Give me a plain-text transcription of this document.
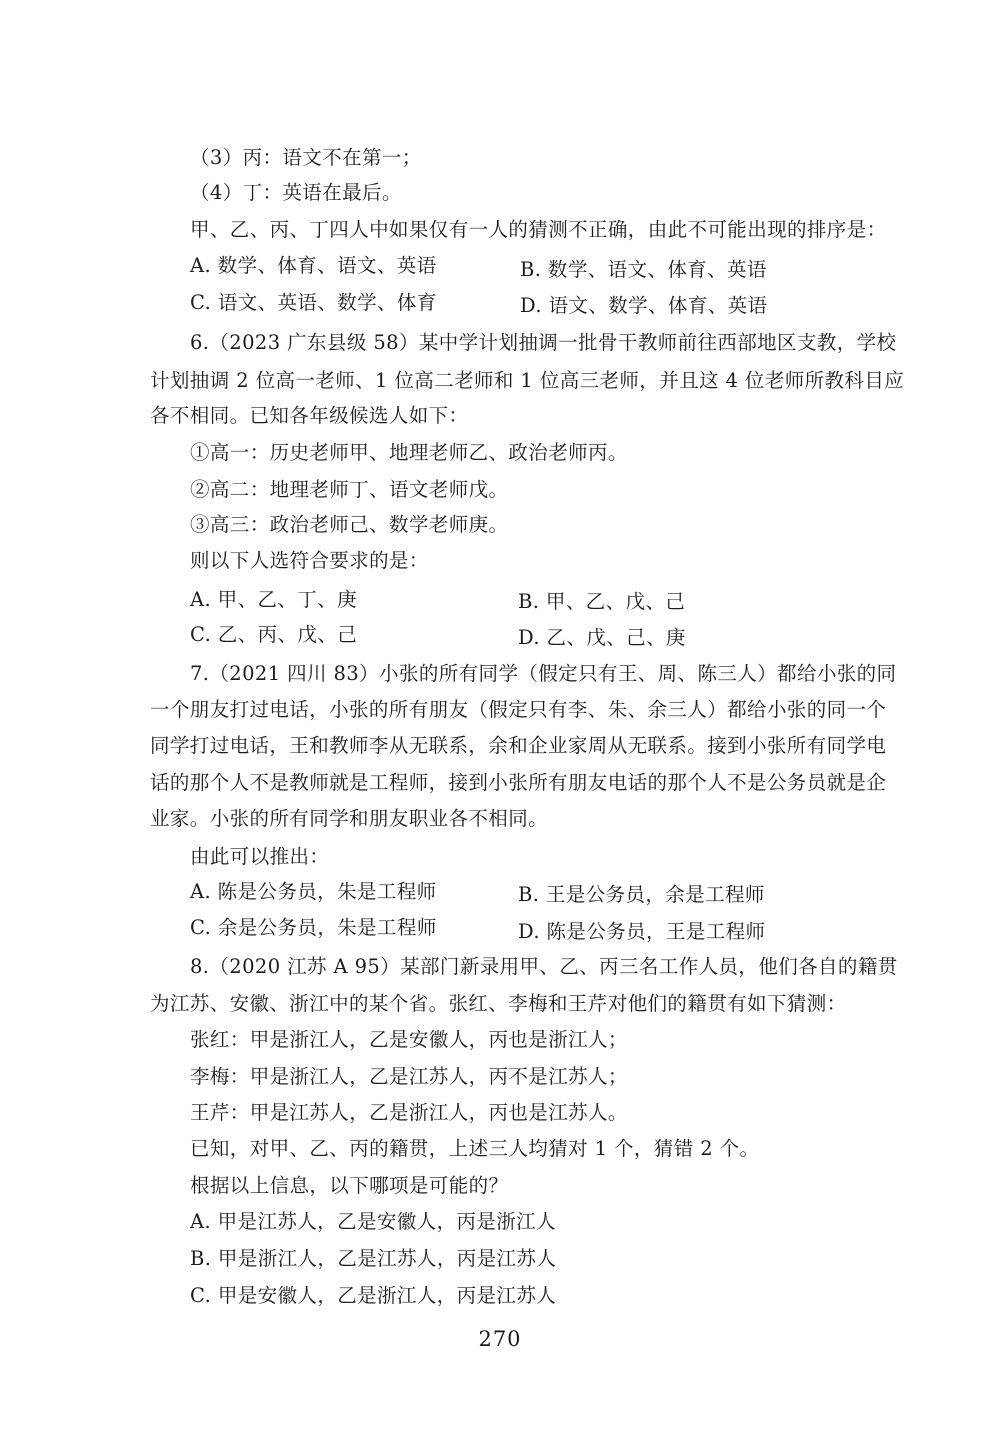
（3）丙：语文不在第一；
（4）丁：英语在最后。
甲、乙、丙、丁四人中如果仅有一人的猜测不正确，由此不可能出现的排序是：
A. 数学、体育、语文、英语	B. 数学、语文、体育、英语
C. 语文、英语、数学、体育	D. 语文、数学、体育、英语
6.（2023 广东县级 58）某中学计划抽调一批骨干教师前往西部地区支教，学校
计划抽调 2 位高一老师、1 位高二老师和 1 位高三老师，并且这 4 位老师所教科目应
各不相同。已知各年级候选人如下：
①高一：历史老师甲、地理老师乙、政治老师丙。
②高二：地理老师丁、语文老师戊。
③高三：政治老师己、数学老师庚。
则以下人选符合要求的是：
A. 甲、乙、丁、庚	B. 甲、乙、戊、己
C. 乙、丙、戊、己	D. 乙、戊、己、庚
7.（2021 四川 83）小张的所有同学（假定只有王、周、陈三人）都给小张的同
一个朋友打过电话，小张的所有朋友（假定只有李、朱、余三人）都给小张的同一个
同学打过电话，王和教师李从无联系，余和企业家周从无联系。接到小张所有同学电
话的那个人不是教师就是工程师，接到小张所有朋友电话的那个人不是公务员就是企
业家。小张的所有同学和朋友职业各不相同。
由此可以推出：
A. 陈是公务员，朱是工程师	B. 王是公务员，余是工程师
C. 余是公务员，朱是工程师	D. 陈是公务员，王是工程师
8.（2020 江苏 A 95）某部门新录用甲、乙、丙三名工作人员，他们各自的籍贯
为江苏、安徽、浙江中的某个省。张红、李梅和王芹对他们的籍贯有如下猜测：
张红：甲是浙江人，乙是安徽人，丙也是浙江人；
李梅：甲是浙江人，乙是江苏人，丙不是江苏人；
王芹：甲是江苏人，乙是浙江人，丙也是江苏人。
已知，对甲、乙、丙的籍贯，上述三人均猜对 1 个，猜错 2 个。
根据以上信息，以下哪项是可能的？
A. 甲是江苏人，乙是安徽人，丙是浙江人
B. 甲是浙江人，乙是江苏人，丙是江苏人
C. 甲是安徽人，乙是浙江人，丙是江苏人
270
